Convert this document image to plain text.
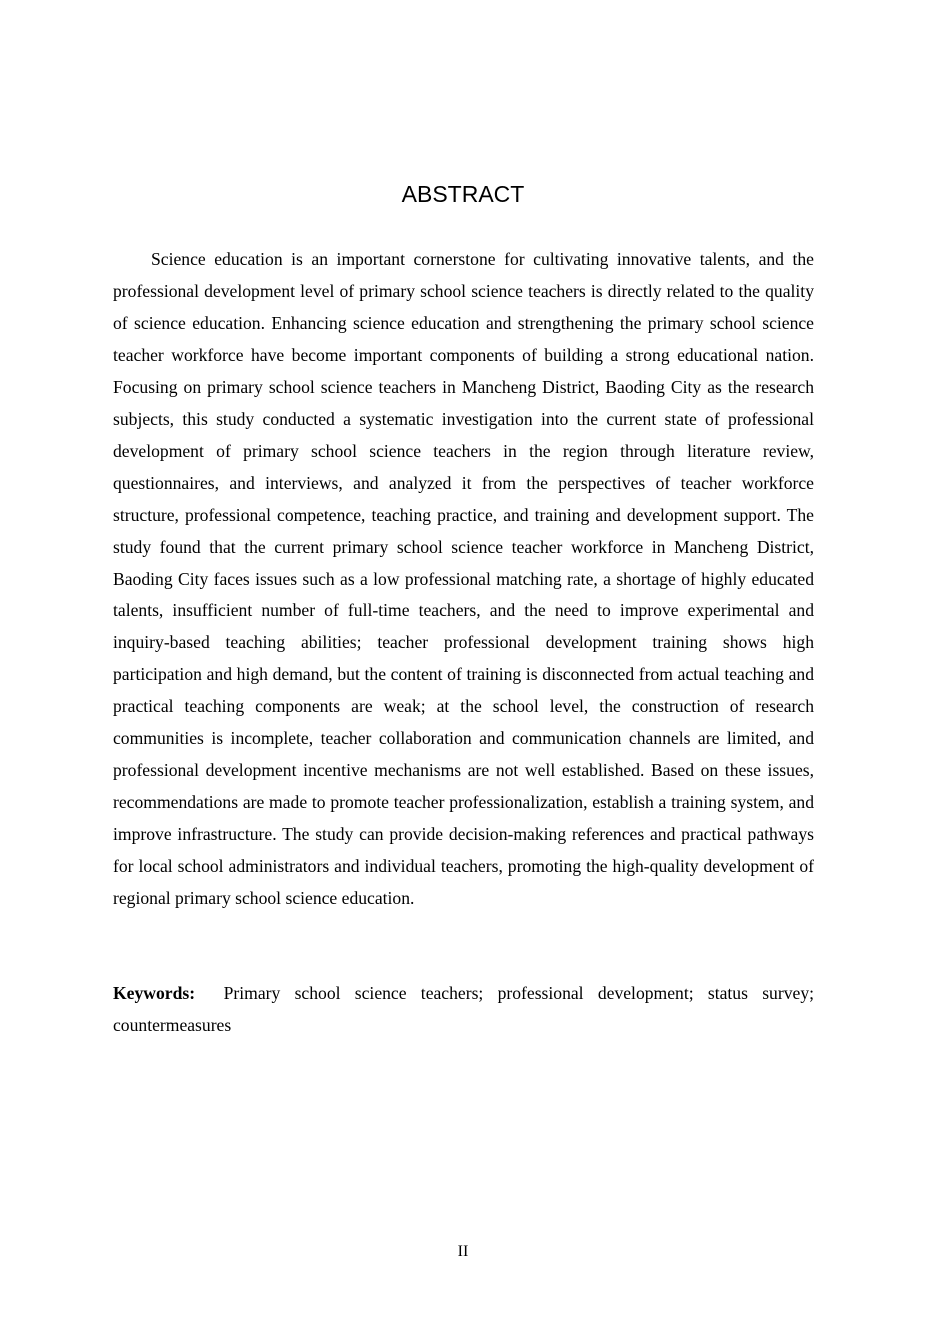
ABSTRACT

Science education is an important cornerstone for cultivating innovative talents, and the professional development level of primary school science teachers is directly related to the quality of science education. Enhancing science education and strengthening the primary school science teacher workforce have become important components of building a strong educational nation. Focusing on primary school science teachers in Mancheng District, Baoding City as the research subjects, this study conducted a systematic investigation into the current state of professional development of primary school science teachers in the region through literature review, questionnaires, and interviews, and analyzed it from the perspectives of teacher workforce structure, professional competence, teaching practice, and training and development support. The study found that the current primary school science teacher workforce in Mancheng District, Baoding City faces issues such as a low professional matching rate, a shortage of highly educated talents, insufficient number of full-time teachers, and the need to improve experimental and inquiry-based teaching abilities; teacher professional development training shows high participation and high demand, but the content of training is disconnected from actual teaching and practical teaching components are weak; at the school level, the construction of research communities is incomplete, teacher collaboration and communication channels are limited, and professional development incentive mechanisms are not well established. Based on these issues, recommendations are made to promote teacher professionalization, establish a training system, and improve infrastructure. The study can provide decision-making references and practical pathways for local school administrators and individual teachers, promoting the high-quality development of regional primary school science education.

Keywords: Primary school science teachers; professional development; status survey; countermeasures

II
